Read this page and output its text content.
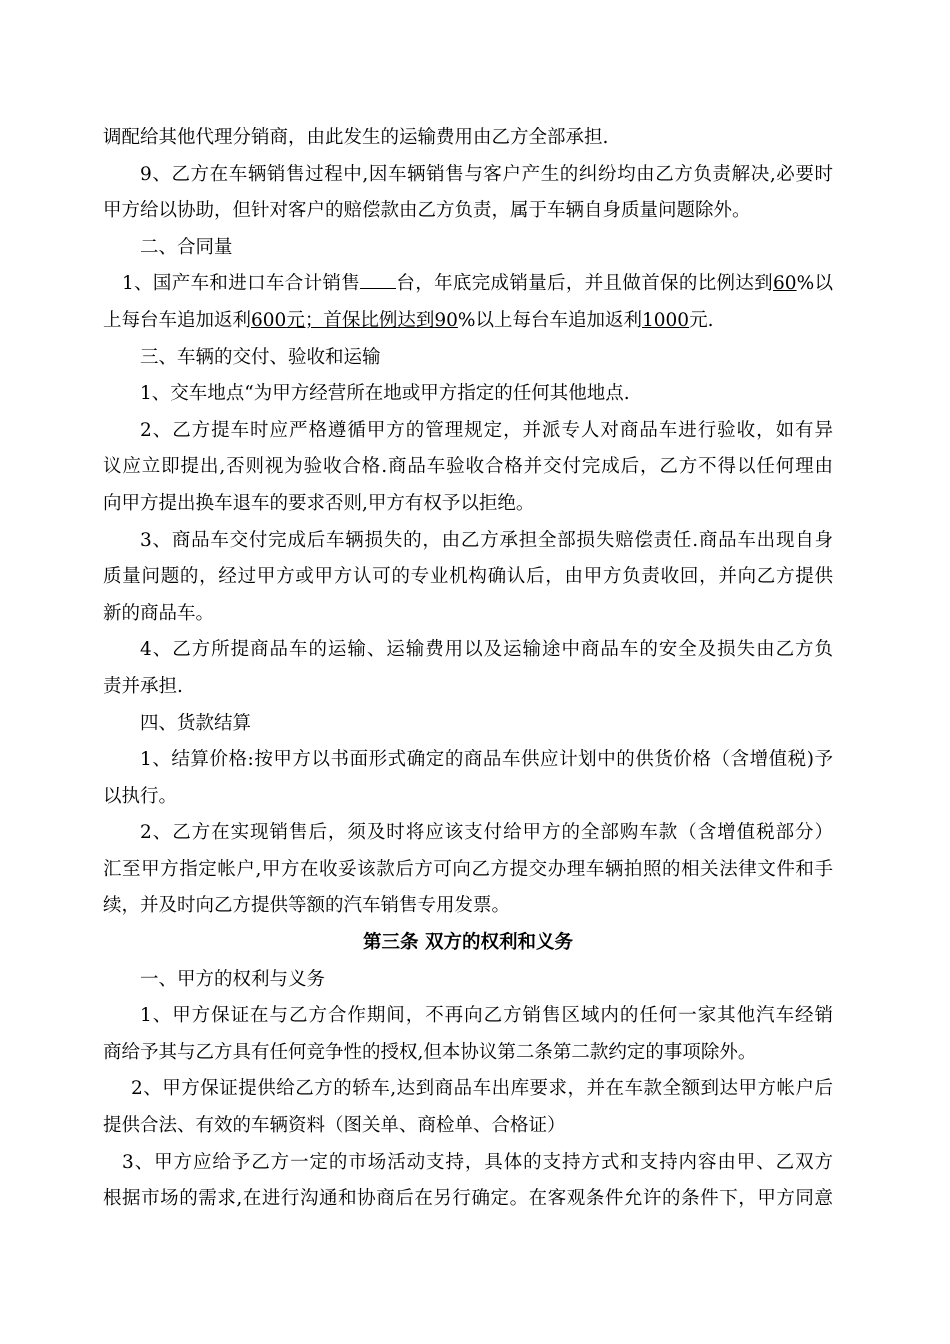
调配给其他代理分销商，由此发生的运输费用由乙方全部承担.
9、乙方在车辆销售过程中,因车辆销售与客户产生的纠纷均由乙方负责解决,必要时
甲方给以协助，但针对客户的赔偿款由乙方负责，属于车辆自身质量问题除外。
二、合同量
1、国产车和进口车合计销售 台，年底完成销量后，并且做首保的比例达到60%以
上每台车追加返利600元；首保比例达到90%以上每台车追加返利1000元.
三、车辆的交付、验收和运输
1、交车地点“为甲方经营所在地或甲方指定的任何其他地点.
2、乙方提车时应严格遵循甲方的管理规定，并派专人对商品车进行验收，如有异
议应立即提出,否则视为验收合格.商品车验收合格并交付完成后，乙方不得以任何理由
向甲方提出换车退车的要求否则,甲方有权予以拒绝。
3、商品车交付完成后车辆损失的，由乙方承担全部损失赔偿责任.商品车出现自身
质量问题的，经过甲方或甲方认可的专业机构确认后，由甲方负责收回，并向乙方提供
新的商品车。
4、乙方所提商品车的运输、运输费用以及运输途中商品车的安全及损失由乙方负
责并承担.
四、货款结算
1、结算价格:按甲方以书面形式确定的商品车供应计划中的供货价格（含增值税)予
以执行。
2、乙方在实现销售后，须及时将应该支付给甲方的全部购车款（含增值税部分）
汇至甲方指定帐户,甲方在收妥该款后方可向乙方提交办理车辆拍照的相关法律文件和手
续，并及时向乙方提供等额的汽车销售专用发票。
第三条 双方的权利和义务
一、甲方的权利与义务
1、甲方保证在与乙方合作期间，不再向乙方销售区域内的任何一家其他汽车经销
商给予其与乙方具有任何竞争性的授权,但本协议第二条第二款约定的事项除外。
2、甲方保证提供给乙方的轿车,达到商品车出库要求，并在车款全额到达甲方帐户后
提供合法、有效的车辆资料（图关单、商检单、合格证）
3、甲方应给予乙方一定的市场活动支持，具体的支持方式和支持内容由甲、乙双方
根据市场的需求,在进行沟通和协商后在另行确定。在客观条件允许的条件下，甲方同意
